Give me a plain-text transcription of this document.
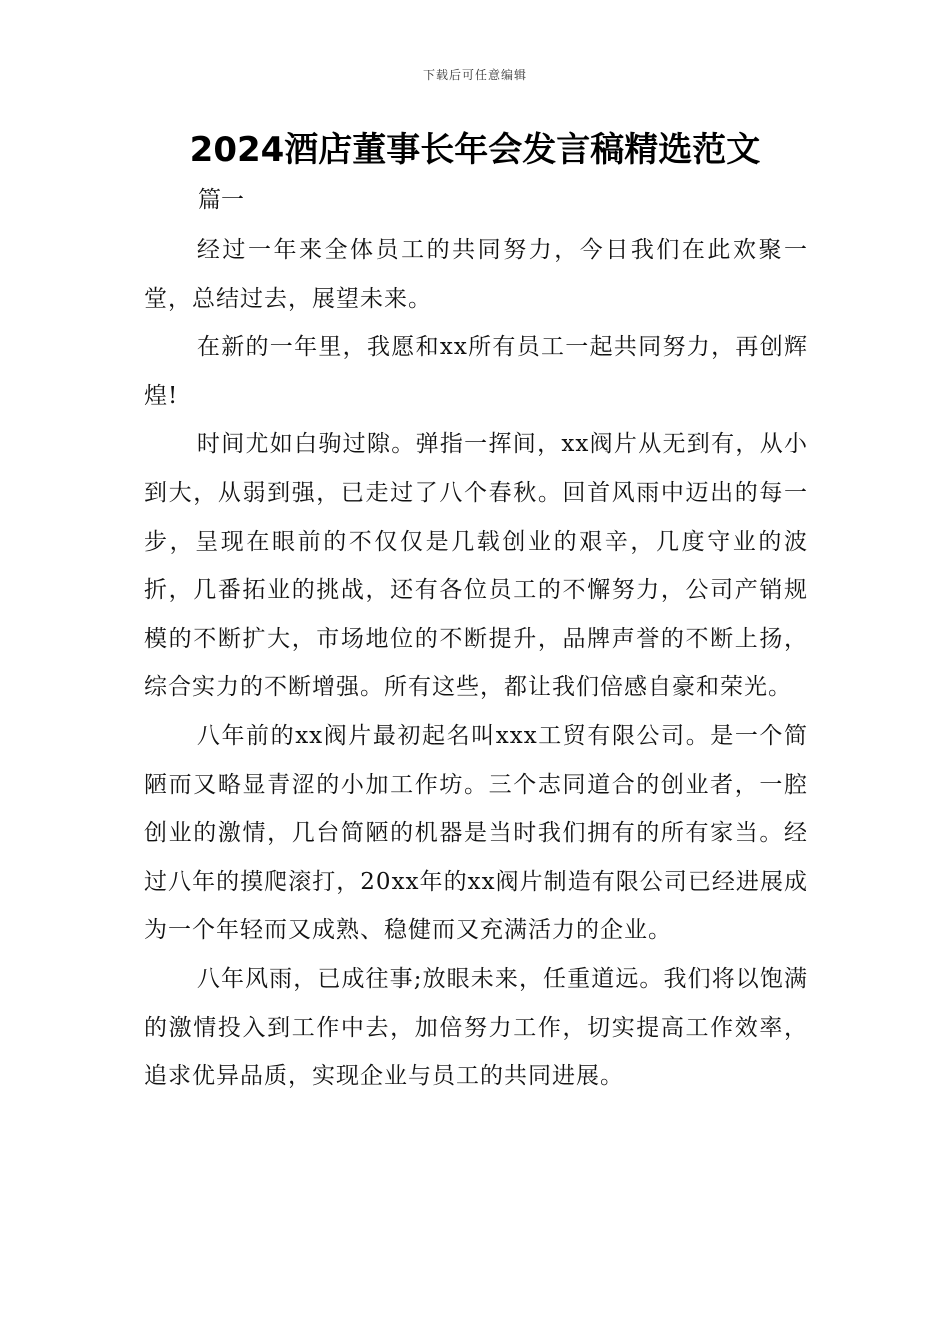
下载后可任意编辑
2024酒店董事长年会发言稿精选范文

篇一

经过一年来全体员工的共同努力，今日我们在此欢聚一堂，总结过去，展望未来。

在新的一年里，我愿和xx所有员工一起共同努力，再创辉煌!

时间尤如白驹过隙。弹指一挥间，xx阀片从无到有，从小到大，从弱到强，已走过了八个春秋。回首风雨中迈出的每一步，呈现在眼前的不仅仅是几载创业的艰辛，几度守业的波折，几番拓业的挑战，还有各位员工的不懈努力，公司产销规模的不断扩大，市场地位的不断提升，品牌声誉的不断上扬，综合实力的不断增强。所有这些，都让我们倍感自豪和荣光。

八年前的xx阀片最初起名叫xxx工贸有限公司。是一个简陋而又略显青涩的小加工作坊。三个志同道合的创业者，一腔创业的激情，几台简陋的机器是当时我们拥有的所有家当。经过八年的摸爬滚打，20xx年的xx阀片制造有限公司已经进展成为一个年轻而又成熟、稳健而又充满活力的企业。

八年风雨，已成往事;放眼未来，任重道远。我们将以饱满的激情投入到工作中去，加倍努力工作，切实提高工作效率，追求优异品质，实现企业与员工的共同进展。
